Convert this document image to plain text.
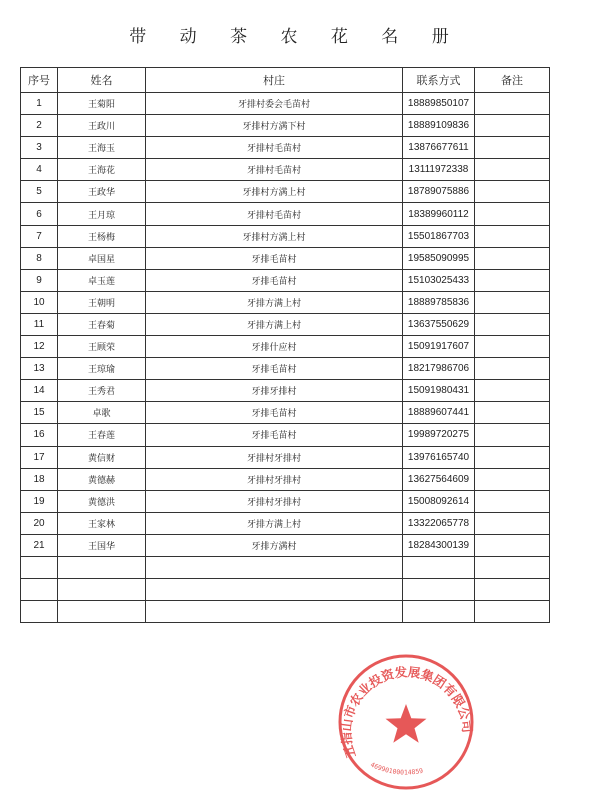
带 动 茶 农 花 名 册
序号	姓名	村庄	联系方式	备注
1	王菊阳	牙排村委会毛苗村	18889850107	
2	王政川	牙排村方满下村	18889109836	
3	王海玉	牙排村毛苗村	13876677611	
4	王海花	牙排村毛苗村	13111972338	
5	王政华	牙排村方满上村	18789075886	
6	王月琼	牙排村毛苗村	18389960112	
7	王杨梅	牙排村方满上村	15501867703	
8	卓国星	牙排毛苗村	19585090995	
9	卓玉莲	牙排毛苗村	15103025433	
10	王朝明	牙排方满上村	18889785836	
11	王春菊	牙排方满上村	13637550629	
12	王顾荣	牙排什应村	15091917607	
13	王琼瑜	牙排毛苗村	18217986706	
14	王秀君	牙排牙排村	15091980431	
15	卓歌	牙排毛苗村	18889607441	
16	王春莲	牙排毛苗村	19989720275	
17	黄信财	牙排村牙排村	13976165740	
18	黄德赫	牙排村牙排村	13627564609	
19	黄德洪	牙排村牙排村	15008092614	
20	王家林	牙排方满上村	13322065778	
21	王国华	牙排方满村	18284300139	

五指山市农业投资发展集团有限公司
46990100014859
